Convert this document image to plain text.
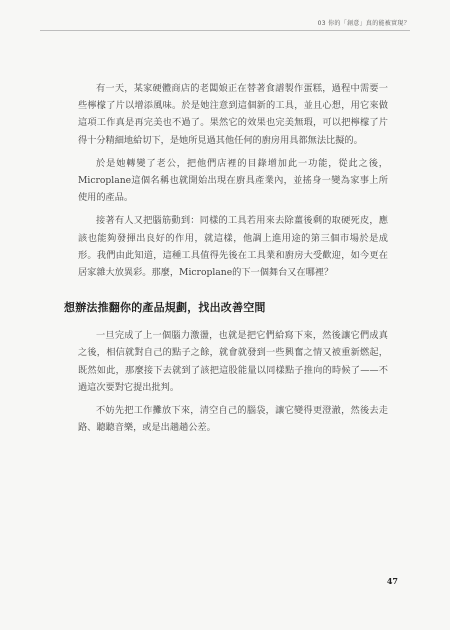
03 你的「創意」真的能被實現？

有一天，某家硬體商店的老闆娘正在替著食譜製作蛋糕，過程中需要一些檸檬了片以增添風味。於是她注意到這個新的工具，並且心想，用它來做這項工作真是再完美也不過了。果然它的效果也完美無瑕，可以把檸檬了片得十分精細地給切下，是她所見過其他任何的廚房用具都無法比擬的。

於是她轉變了老公，把他們店裡的目錄增加此一功能，從此之後，Microplane這個名稱也就開始出現在廚具產業內，並搖身一變為家事上所使用的產品。

接著有人又把腦筋動到：同樣的工具若用來去除薑後剩的取硬死皮，應該也能夠發揮出良好的作用，就這樣，他調上進用途的第三個市場於是成形。我們由此知道，這種工具值得先後在工具業和廚房大受歡迎，如今更在居家雜大放異彩。那麼，Microplane的下一個舞台又在哪裡？

想辦法推翻你的產品規劃，找出改善空間

一旦完成了上一個腦力激盪，也就是把它們給寫下來，然後讓它們成真之後，相信就對自己的點子之餘，就會就發到一些興奮之情又被重新燃起，既然如此，那麼接下去就到了該把這股能量以同樣點子推向的時候了——不過這次要對它提出批判。

不妨先把工作攤放下來，清空自己的腦袋，讓它變得更澄澈，然後去走路、聽聽音樂，或是出趟趟公差。

47
